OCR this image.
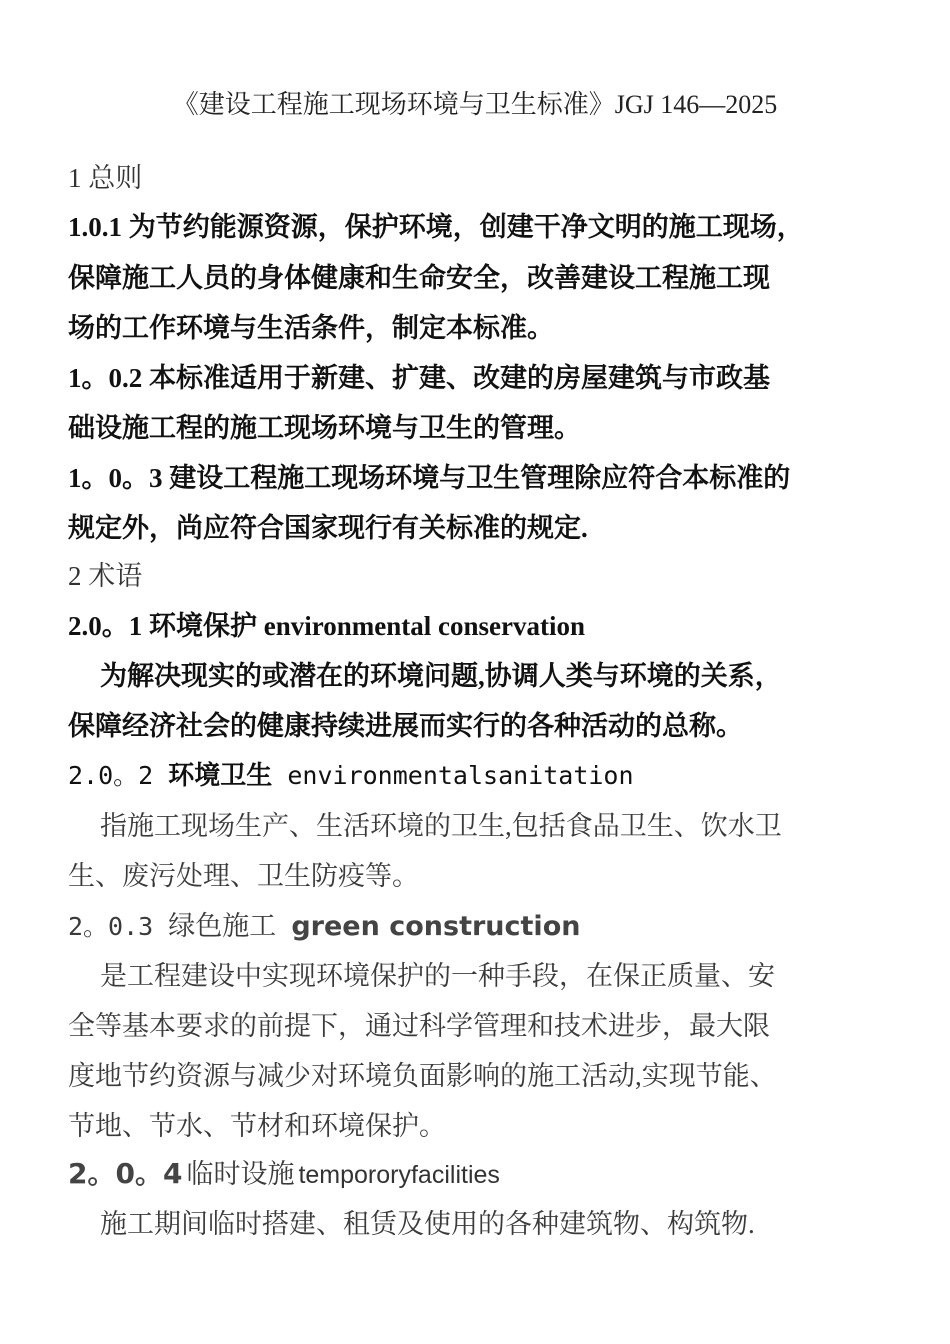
《建设工程施工现场环境与卫生标准》JGJ 146—2025
1 总则
1.0.1 为节约能源资源，保护环境，创建干净文明的施工现场，
保障施工人员的身体健康和生命安全，改善建设工程施工现
场的工作环境与生活条件，制定本标准。
1。0.2 本标准适用于新建、扩建、改建的房屋建筑与市政基
础设施工程的施工现场环境与卫生的管理。
1。0。3 建设工程施工现场环境与卫生管理除应符合本标准的
规定外，尚应符合国家现行有关标准的规定.
2 术语
2.0。1 环境保护 environmental conservation
为解决现实的或潜在的环境问题,协调人类与环境的关系，
保障经济社会的健康持续进展而实行的各种活动的总称。
2.0。2 环境卫生 environmentalsanitation
指施工现场生产、生活环境的卫生,包括食品卫生、饮水卫
生、废污处理、卫生防疫等。
2。0.3 绿色施工 green construction
是工程建设中实现环境保护的一种手段，在保正质量、安
全等基本要求的前提下，通过科学管理和技术进步，最大限
度地节约资源与减少对环境负面影响的施工活动,实现节能、
节地、节水、节材和环境保护。
2。0。4 临时设施 tempororyfacilities
施工期间临时搭建、租赁及使用的各种建筑物、构筑物.
